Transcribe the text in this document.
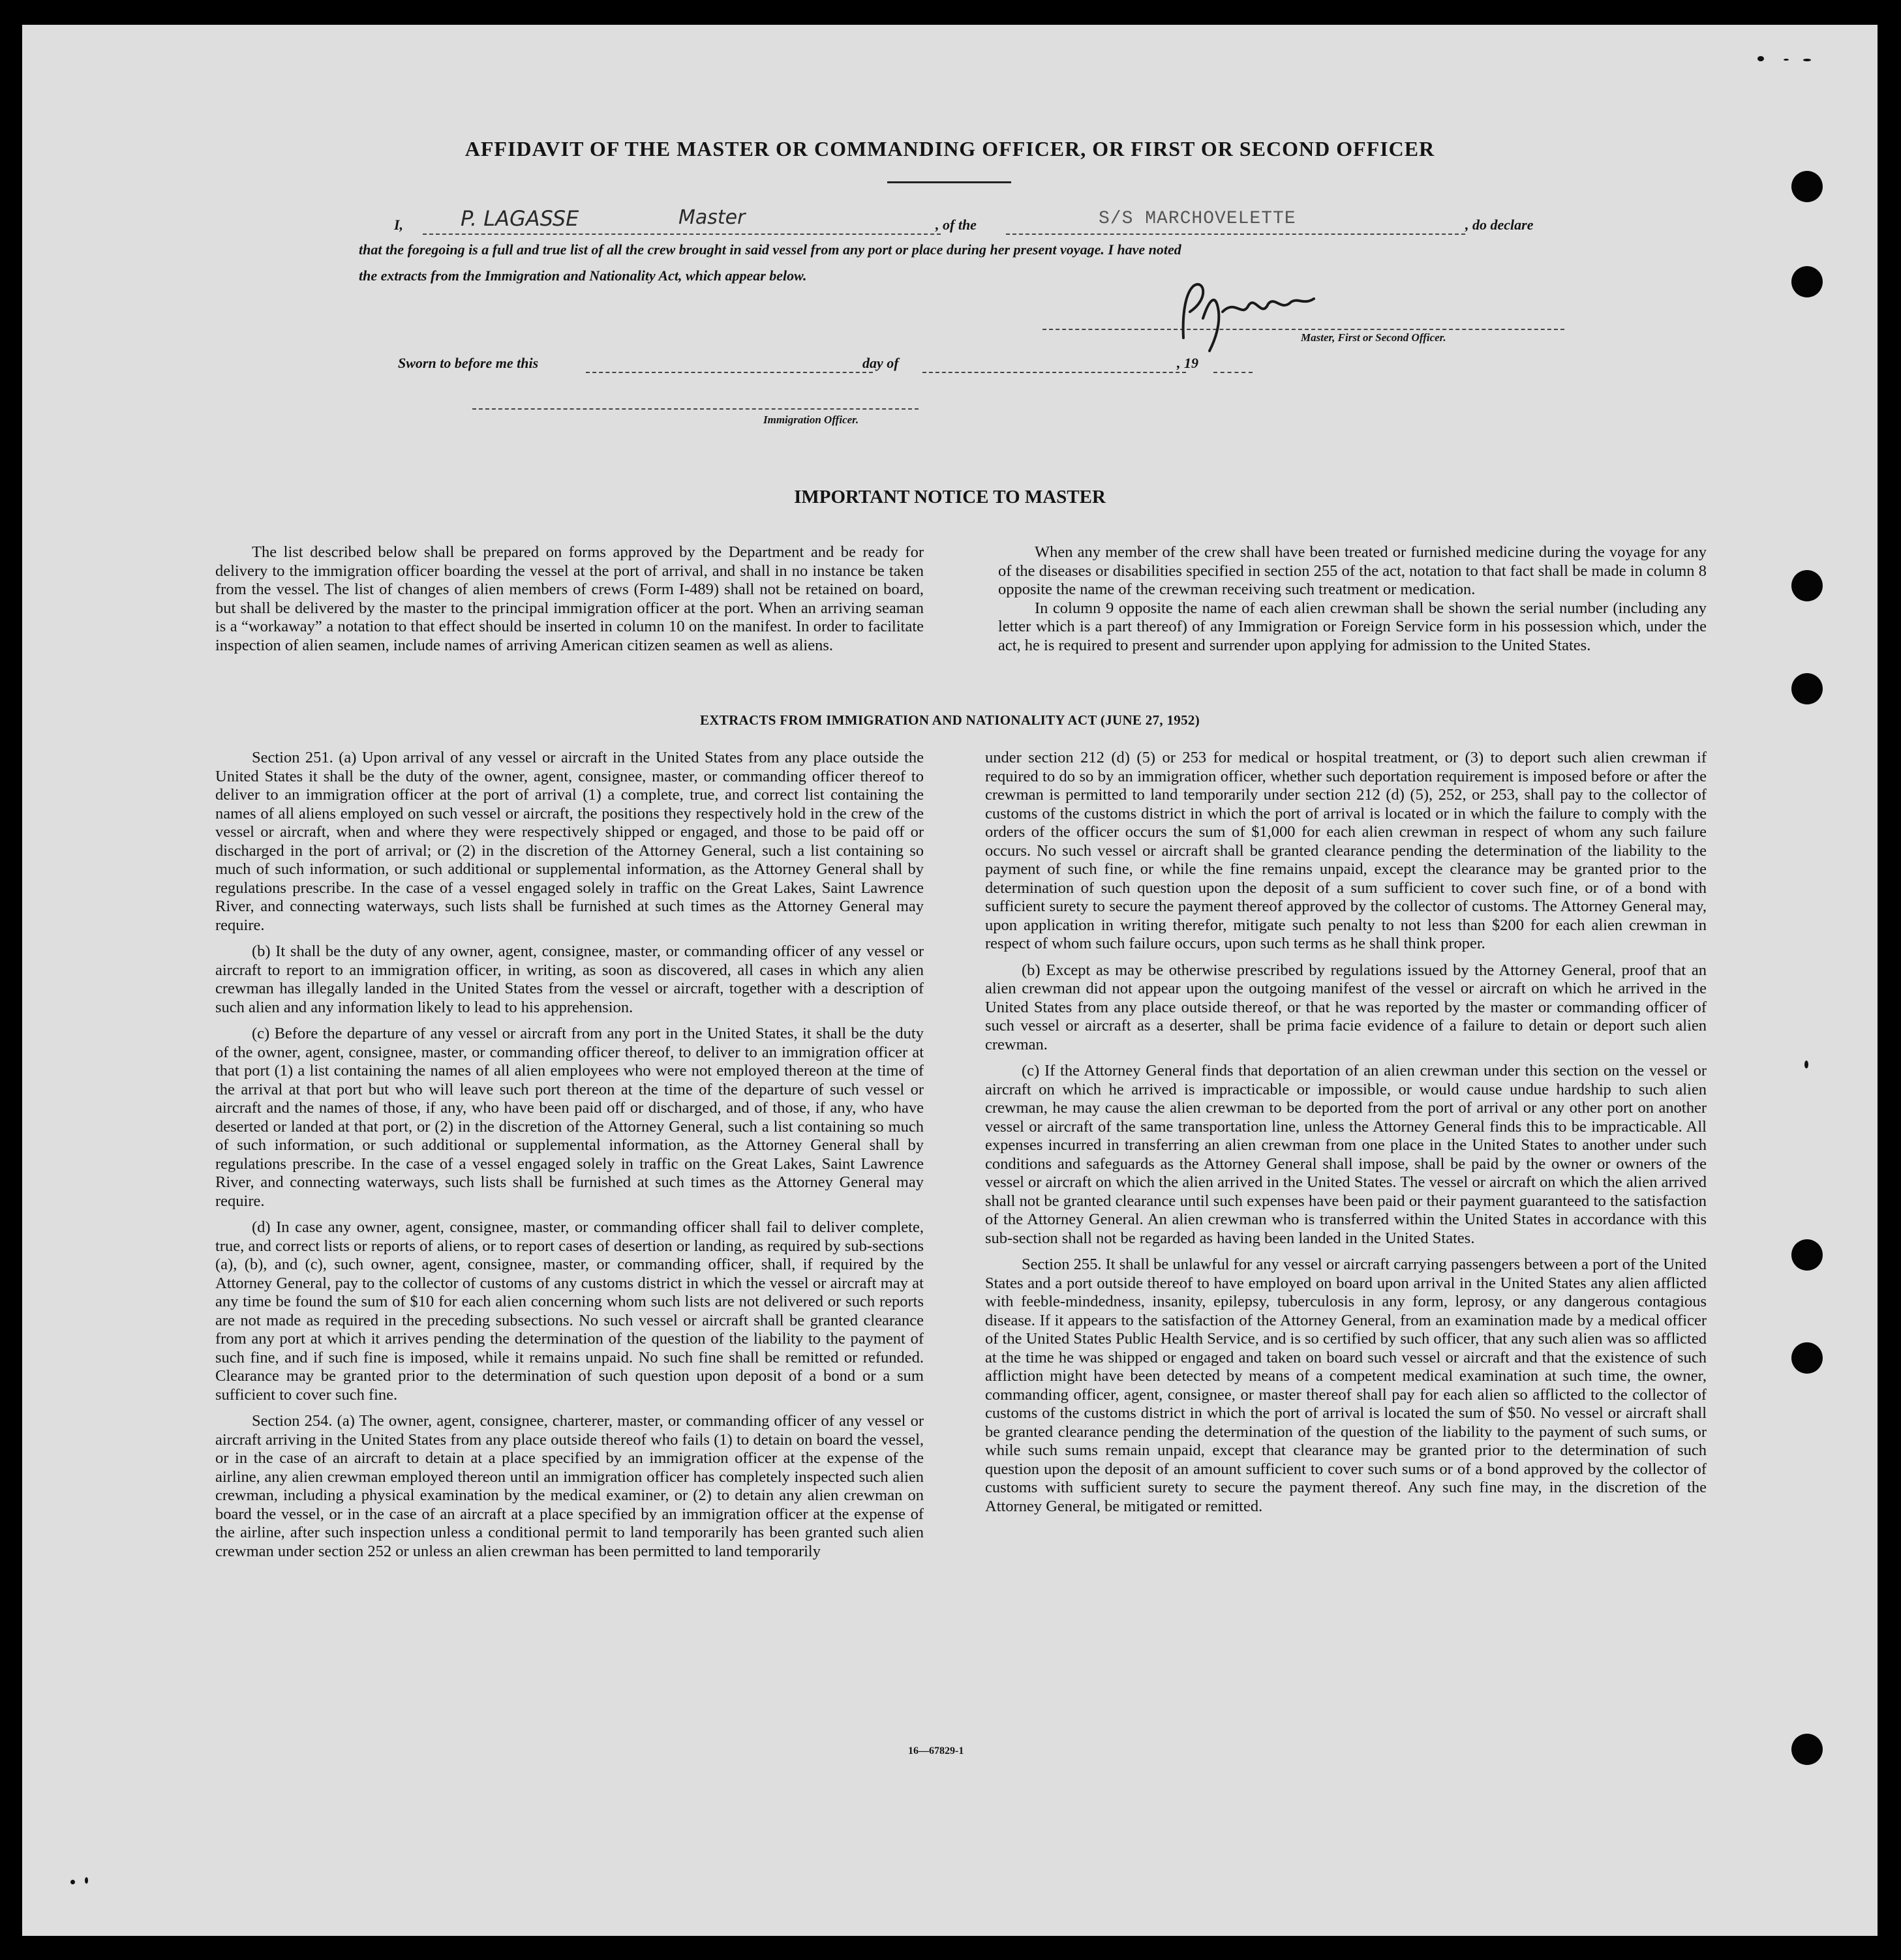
AFFIDAVIT OF THE MASTER OR COMMANDING OFFICER, OR FIRST OR SECOND OFFICER
I,	P. LAGASSE	Master	, of the	S/S MARCHOVELETTE	, do declare
that the foregoing is a full and true list of all the crew brought in said vessel from any port or place during her present voyage. I have noted
the extracts from the Immigration and Nationality Act, which appear below.
Master, First or Second Officer.
Sworn to before me this	day of	, 19
Immigration Officer.
IMPORTANT NOTICE TO MASTER

The list described below shall be prepared on forms approved by the Department and be ready for delivery to the immigration officer boarding the vessel at the port of arrival, and shall in no instance be taken from the vessel. The list of changes of alien members of crews (Form I-489) shall not be retained on board, but shall be delivered by the master to the principal immigration officer at the port. When an arriving seaman is a “workaway” a notation to that effect should be inserted in column 10 on the manifest. In order to facilitate inspection of alien seamen, include names of arriving American citizen seamen as well as aliens.

When any member of the crew shall have been treated or furnished medicine during the voyage for any of the diseases or disabilities specified in section 255 of the act, notation to that fact shall be made in column 8 opposite the name of the crewman receiving such treatment or medication.

In column 9 opposite the name of each alien crewman shall be shown the serial number (including any letter which is a part thereof) of any Immigration or Foreign Service form in his possession which, under the act, he is required to present and surrender upon applying for admission to the United States.

EXTRACTS FROM IMMIGRATION AND NATIONALITY ACT (JUNE 27, 1952)

Section 251. (a) Upon arrival of any vessel or aircraft in the United States from any place outside the United States it shall be the duty of the owner, agent, consignee, master, or commanding officer thereof to deliver to an immigration officer at the port of arrival (1) a complete, true, and correct list containing the names of all aliens employed on such vessel or aircraft, the positions they respectively hold in the crew of the vessel or aircraft, when and where they were respectively shipped or engaged, and those to be paid off or discharged in the port of arrival; or (2) in the discretion of the Attorney General, such a list containing so much of such information, or such additional or supplemental information, as the Attorney General shall by regulations prescribe. In the case of a vessel engaged solely in traffic on the Great Lakes, Saint Lawrence River, and connecting waterways, such lists shall be furnished at such times as the Attorney General may require.

(b) It shall be the duty of any owner, agent, consignee, master, or commanding officer of any vessel or aircraft to report to an immigration officer, in writing, as soon as discovered, all cases in which any alien crewman has illegally landed in the United States from the vessel or aircraft, together with a description of such alien and any information likely to lead to his apprehension.

(c) Before the departure of any vessel or aircraft from any port in the United States, it shall be the duty of the owner, agent, consignee, master, or commanding officer thereof, to deliver to an immigration officer at that port (1) a list containing the names of all alien employees who were not employed thereon at the time of the arrival at that port but who will leave such port thereon at the time of the departure of such vessel or aircraft and the names of those, if any, who have been paid off or discharged, and of those, if any, who have deserted or landed at that port, or (2) in the discretion of the Attorney General, such a list containing so much of such information, or such additional or supplemental information, as the Attorney General shall by regulations prescribe. In the case of a vessel engaged solely in traffic on the Great Lakes, Saint Lawrence River, and connecting waterways, such lists shall be furnished at such times as the Attorney General may require.

(d) In case any owner, agent, consignee, master, or commanding officer shall fail to deliver complete, true, and correct lists or reports of aliens, or to report cases of desertion or landing, as required by sub-sections (a), (b), and (c), such owner, agent, consignee, master, or commanding officer, shall, if required by the Attorney General, pay to the collector of customs of any customs district in which the vessel or aircraft may at any time be found the sum of $10 for each alien concerning whom such lists are not delivered or such reports are not made as required in the preceding subsections. No such vessel or aircraft shall be granted clearance from any port at which it arrives pending the determination of the question of the liability to the payment of such fine, and if such fine is imposed, while it remains unpaid. No such fine shall be remitted or refunded. Clearance may be granted prior to the determination of such question upon deposit of a bond or a sum sufficient to cover such fine.

Section 254. (a) The owner, agent, consignee, charterer, master, or commanding officer of any vessel or aircraft arriving in the United States from any place outside thereof who fails (1) to detain on board the vessel, or in the case of an aircraft to detain at a place specified by an immigration officer at the expense of the airline, any alien crewman employed thereon until an immigration officer has completely inspected such alien crewman, including a physical examination by the medical examiner, or (2) to detain any alien crewman on board the vessel, or in the case of an aircraft at a place specified by an immigration officer at the expense of the airline, after such inspection unless a conditional permit to land temporarily has been granted such alien crewman under section 252 or unless an alien crewman has been permitted to land temporarily

under section 212 (d) (5) or 253 for medical or hospital treatment, or (3) to deport such alien crewman if required to do so by an immigration officer, whether such deportation requirement is imposed before or after the crewman is permitted to land temporarily under section 212 (d) (5), 252, or 253, shall pay to the collector of customs of the customs district in which the port of arrival is located or in which the failure to comply with the orders of the officer occurs the sum of $1,000 for each alien crewman in respect of whom any such failure occurs. No such vessel or aircraft shall be granted clearance pending the determination of the liability to the payment of such fine, or while the fine remains unpaid, except the clearance may be granted prior to the determination of such question upon the deposit of a sum sufficient to cover such fine, or of a bond with sufficient surety to secure the payment thereof approved by the collector of customs. The Attorney General may, upon application in writing therefor, mitigate such penalty to not less than $200 for each alien crewman in respect of whom such failure occurs, upon such terms as he shall think proper.

(b) Except as may be otherwise prescribed by regulations issued by the Attorney General, proof that an alien crewman did not appear upon the outgoing manifest of the vessel or aircraft on which he arrived in the United States from any place outside thereof, or that he was reported by the master or commanding officer of such vessel or aircraft as a deserter, shall be prima facie evidence of a failure to detain or deport such alien crewman.

(c) If the Attorney General finds that deportation of an alien crewman under this section on the vessel or aircraft on which he arrived is impracticable or impossible, or would cause undue hardship to such alien crewman, he may cause the alien crewman to be deported from the port of arrival or any other port on another vessel or aircraft of the same transportation line, unless the Attorney General finds this to be impracticable. All expenses incurred in transferring an alien crewman from one place in the United States to another under such conditions and safeguards as the Attorney General shall impose, shall be paid by the owner or owners of the vessel or aircraft on which the alien arrived in the United States. The vessel or aircraft on which the alien arrived shall not be granted clearance until such expenses have been paid or their payment guaranteed to the satisfaction of the Attorney General. An alien crewman who is transferred within the United States in accordance with this sub-section shall not be regarded as having been landed in the United States.

Section 255. It shall be unlawful for any vessel or aircraft carrying passengers between a port of the United States and a port outside thereof to have employed on board upon arrival in the United States any alien afflicted with feeble-mindedness, insanity, epilepsy, tuberculosis in any form, leprosy, or any dangerous contagious disease. If it appears to the satisfaction of the Attorney General, from an examination made by a medical officer of the United States Public Health Service, and is so certified by such officer, that any such alien was so afflicted at the time he was shipped or engaged and taken on board such vessel or aircraft and that the existence of such affliction might have been detected by means of a competent medical examination at such time, the owner, commanding officer, agent, consignee, or master thereof shall pay for each alien so afflicted to the collector of customs of the customs district in which the port of arrival is located the sum of $50. No vessel or aircraft shall be granted clearance pending the determination of the question of the liability to the payment of such sums, or while such sums remain unpaid, except that clearance may be granted prior to the determination of such question upon the deposit of an amount sufficient to cover such sums or of a bond approved by the collector of customs with sufficient surety to secure the payment thereof. Any such fine may, in the discretion of the Attorney General, be mitigated or remitted.

16—67829-1
